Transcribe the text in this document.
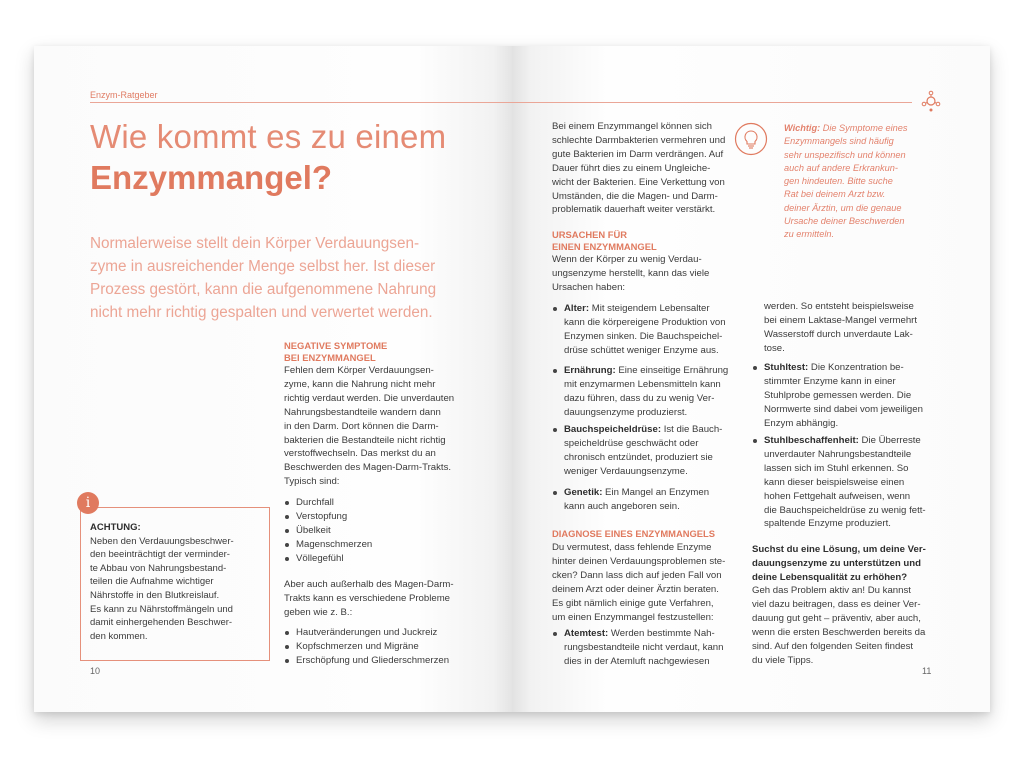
Enzym-Ratgeber
Wie kommt es zu einem
Enzymmangel?
Normalerweise stellt dein Körper Verdauungsen-
zyme in ausreichender Menge selbst her. Ist dieser
Prozess gestört, kann die aufgenommene Nahrung
nicht mehr richtig gespalten und verwertet werden.
NEGATIVE SYMPTOME
BEI ENZYMMANGEL
Fehlen dem Körper Verdauungsen-
zyme, kann die Nahrung nicht mehr
richtig verdaut werden. Die unverdauten
Nahrungsbestandteile wandern dann
in den Darm. Dort können die Darm-
bakterien die Bestandteile nicht richtig
verstoffwechseln. Das merkst du an
Beschwerden des Magen-Darm-Trakts.
Typisch sind:
Durchfall
Verstopfung
Übelkeit
Magenschmerzen
Völlegefühl
Aber auch außerhalb des Magen-Darm-
Trakts kann es verschiedene Probleme
geben wie z. B.:
Hautveränderungen und Juckreiz
Kopfschmerzen und Migräne
Erschöpfung und Gliederschmerzen
i
ACHTUNG:
Neben den Verdauungsbeschwer-
den beeinträchtigt der verminder-
te Abbau von Nahrungsbestand-
teilen die Aufnahme wichtiger
Nährstoffe in den Blutkreislauf.
Es kann zu Nährstoffmängeln und
damit einhergehenden Beschwer-
den kommen.
10
Bei einem Enzymmangel können sich
schlechte Darmbakterien vermehren und
gute Bakterien im Darm verdrängen. Auf
Dauer führt dies zu einem Ungleiche-
wicht der Bakterien. Eine Verkettung von
Umständen, die die Magen- und Darm-
problematik dauerhaft weiter verstärkt.
Wichtig: Die Symptome eines
Enzymmangels sind häufig
sehr unspezifisch und können
auch auf andere Erkrankun-
gen hindeuten. Bitte suche
Rat bei deinem Arzt bzw.
deiner Ärztin, um die genaue
Ursache deiner Beschwerden
zu ermitteln.
URSACHEN FÜR
EINEN ENZYMMANGEL
Wenn der Körper zu wenig Verdau-
ungsenzyme herstellt, kann das viele
Ursachen haben:
Alter: Mit steigendem Lebensalter
kann die körpereigene Produktion von
Enzymen sinken. Die Bauchspeichel-
drüse schüttet weniger Enzyme aus.
Ernährung: Eine einseitige Ernährung
mit enzymarmen Lebensmitteln kann
dazu führen, dass du zu wenig Ver-
dauungsenzyme produzierst.
Bauchspeicheldrüse: Ist die Bauch-
speicheldrüse geschwächt oder
chronisch entzündet, produziert sie
weniger Verdauungsenzyme.
Genetik: Ein Mangel an Enzymen
kann auch angeboren sein.
DIAGNOSE EINES ENZYMMANGELS
Du vermutest, dass fehlende Enzyme
hinter deinen Verdauungsproblemen ste-
cken? Dann lass dich auf jeden Fall von
deinem Arzt oder deiner Ärztin beraten.
Es gibt nämlich einige gute Verfahren,
um einen Enzymmangel festzustellen:
Atemtest: Werden bestimmte Nah-
rungsbestandteile nicht verdaut, kann
dies in der Atemluft nachgewiesen
werden. So entsteht beispielsweise
bei einem Laktase-Mangel vermehrt
Wasserstoff durch unverdaute Lak-
tose.
Stuhltest: Die Konzentration be-
stimmter Enzyme kann in einer
Stuhlprobe gemessen werden. Die
Normwerte sind dabei vom jeweiligen
Enzym abhängig.
Stuhlbeschaffenheit: Die Überreste
unverdauter Nahrungsbestandteile
lassen sich im Stuhl erkennen. So
kann dieser beispielsweise einen
hohen Fettgehalt aufweisen, wenn
die Bauchspeicheldrüse zu wenig fett-
spaltende Enzyme produziert.
Suchst du eine Lösung, um deine Ver-
dauungsenzyme zu unterstützen und
deine Lebensqualität zu erhöhen?
Geh das Problem aktiv an! Du kannst
viel dazu beitragen, dass es deiner Ver-
dauung gut geht – präventiv, aber auch,
wenn die ersten Beschwerden bereits da
sind. Auf den folgenden Seiten findest
du viele Tipps.
11
